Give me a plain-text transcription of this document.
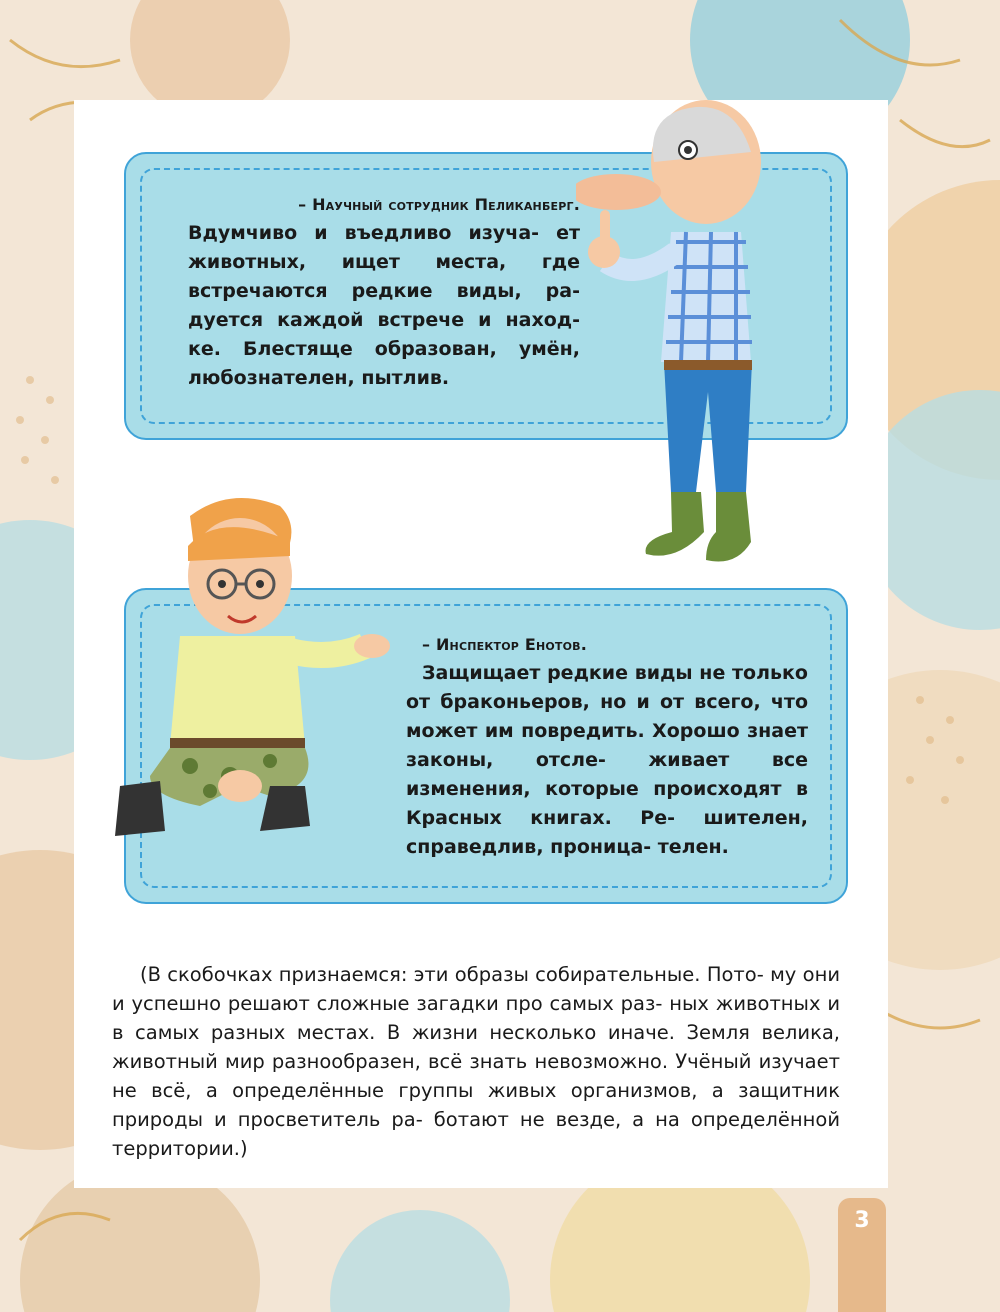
– Научный сотрудник Пеликанберг.
Вдумчиво и въедливо изуча- ет животных, ищет места, где встречаются редкие виды, ра- дуется каждой встрече и наход- ке. Блестяще образован, умён, любознателен, пытлив.

– Инспектор Енотов.
Защищает редкие виды не только от браконьеров, но и от всего, что может им повредить. Хорошо знает законы, отсле- живает все изменения, которые происходят в Красных книгах. Ре- шителен, справедлив, проница- телен.

(В скобочках признаемся: эти образы собирательные. Пото- му они и успешно решают сложные загадки про самых раз- ных животных и в самых разных местах. В жизни несколько иначе. Земля велика, животный мир разнообразен, всё знать невозможно. Учёный изучает не всё, а определённые группы живых организмов, а защитник природы и просветитель ра- ботают не везде, а на определённой территории.)

3
